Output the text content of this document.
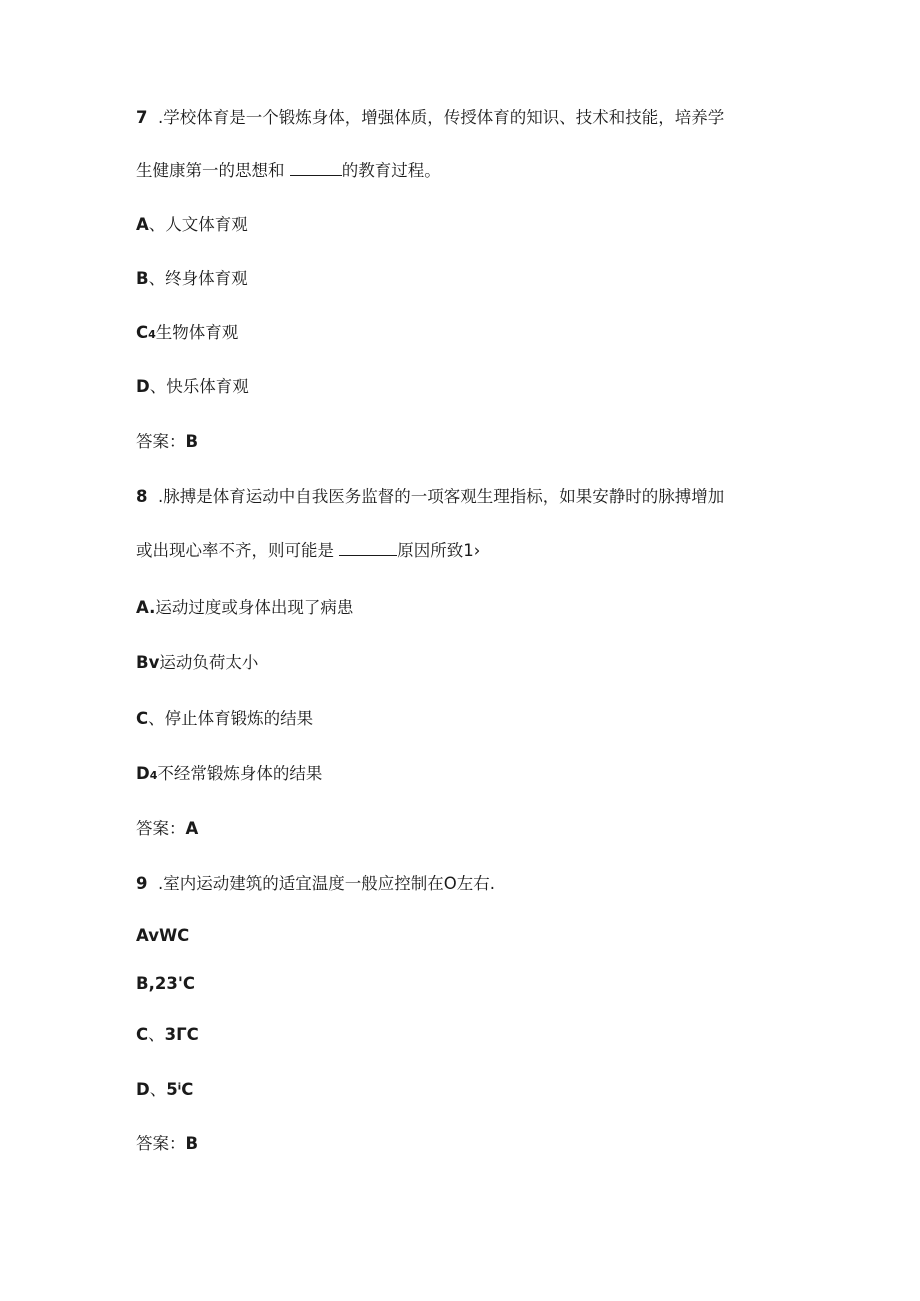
7 .学校体育是一个锻炼身体，增强体质，传授体育的知识、技术和技能，培养学
生健康第一的思想和	的教育过程。
A、人文体育观
B、终身体育观
C4生物体育观
D、快乐体育观
答案：B
8 .脉搏是体育运动中自我医务监督的一项客观生理指标，如果安静时的脉搏增加
或出现心率不齐，则可能是	原因所致1›
A.运动过度或身体出现了病患
Bv运动负荷太小
C、停止体育锻炼的结果
D4不经常锻炼身体的结果
答案：A
9 .室内运动建筑的适宜温度一般应控制在O左右.
AvWC
B,23'C
C、3ΓC
D、5ⁱC
答案：B
